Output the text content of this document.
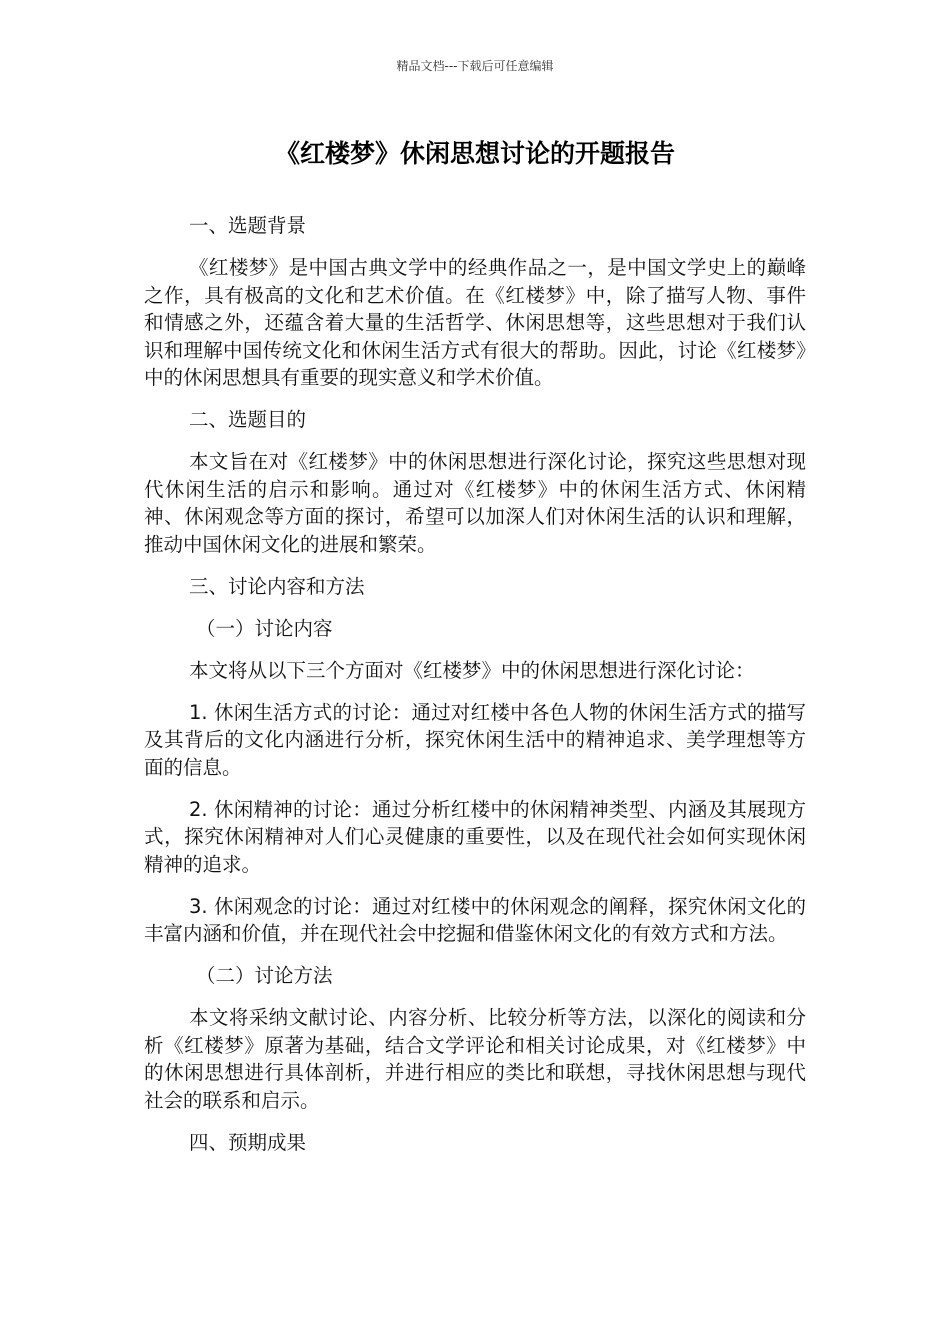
精品文档---下载后可任意编辑
《红楼梦》休闲思想讨论的开题报告
一、选题背景
《红楼梦》是中国古典文学中的经典作品之一，是中国文学史上的巅峰之作，具有极高的文化和艺术价值。在《红楼梦》中，除了描写人物、事件和情感之外，还蕴含着大量的生活哲学、休闲思想等，这些思想对于我们认识和理解中国传统文化和休闲生活方式有很大的帮助。因此，讨论《红楼梦》中的休闲思想具有重要的现实意义和学术价值。
二、选题目的
本文旨在对《红楼梦》中的休闲思想进行深化讨论，探究这些思想对现代休闲生活的启示和影响。通过对《红楼梦》中的休闲生活方式、休闲精神、休闲观念等方面的探讨，希望可以加深人们对休闲生活的认识和理解，推动中国休闲文化的进展和繁荣。
三、讨论内容和方法
（一）讨论内容
本文将从以下三个方面对《红楼梦》中的休闲思想进行深化讨论：
1. 休闲生活方式的讨论：通过对红楼中各色人物的休闲生活方式的描写及其背后的文化内涵进行分析，探究休闲生活中的精神追求、美学理想等方面的信息。
2. 休闲精神的讨论：通过分析红楼中的休闲精神类型、内涵及其展现方式，探究休闲精神对人们心灵健康的重要性，以及在现代社会如何实现休闲精神的追求。
3. 休闲观念的讨论：通过对红楼中的休闲观念的阐释，探究休闲文化的丰富内涵和价值，并在现代社会中挖掘和借鉴休闲文化的有效方式和方法。
（二）讨论方法
本文将采纳文献讨论、内容分析、比较分析等方法，以深化的阅读和分析《红楼梦》原著为基础，结合文学评论和相关讨论成果，对《红楼梦》中的休闲思想进行具体剖析，并进行相应的类比和联想，寻找休闲思想与现代社会的联系和启示。
四、预期成果
